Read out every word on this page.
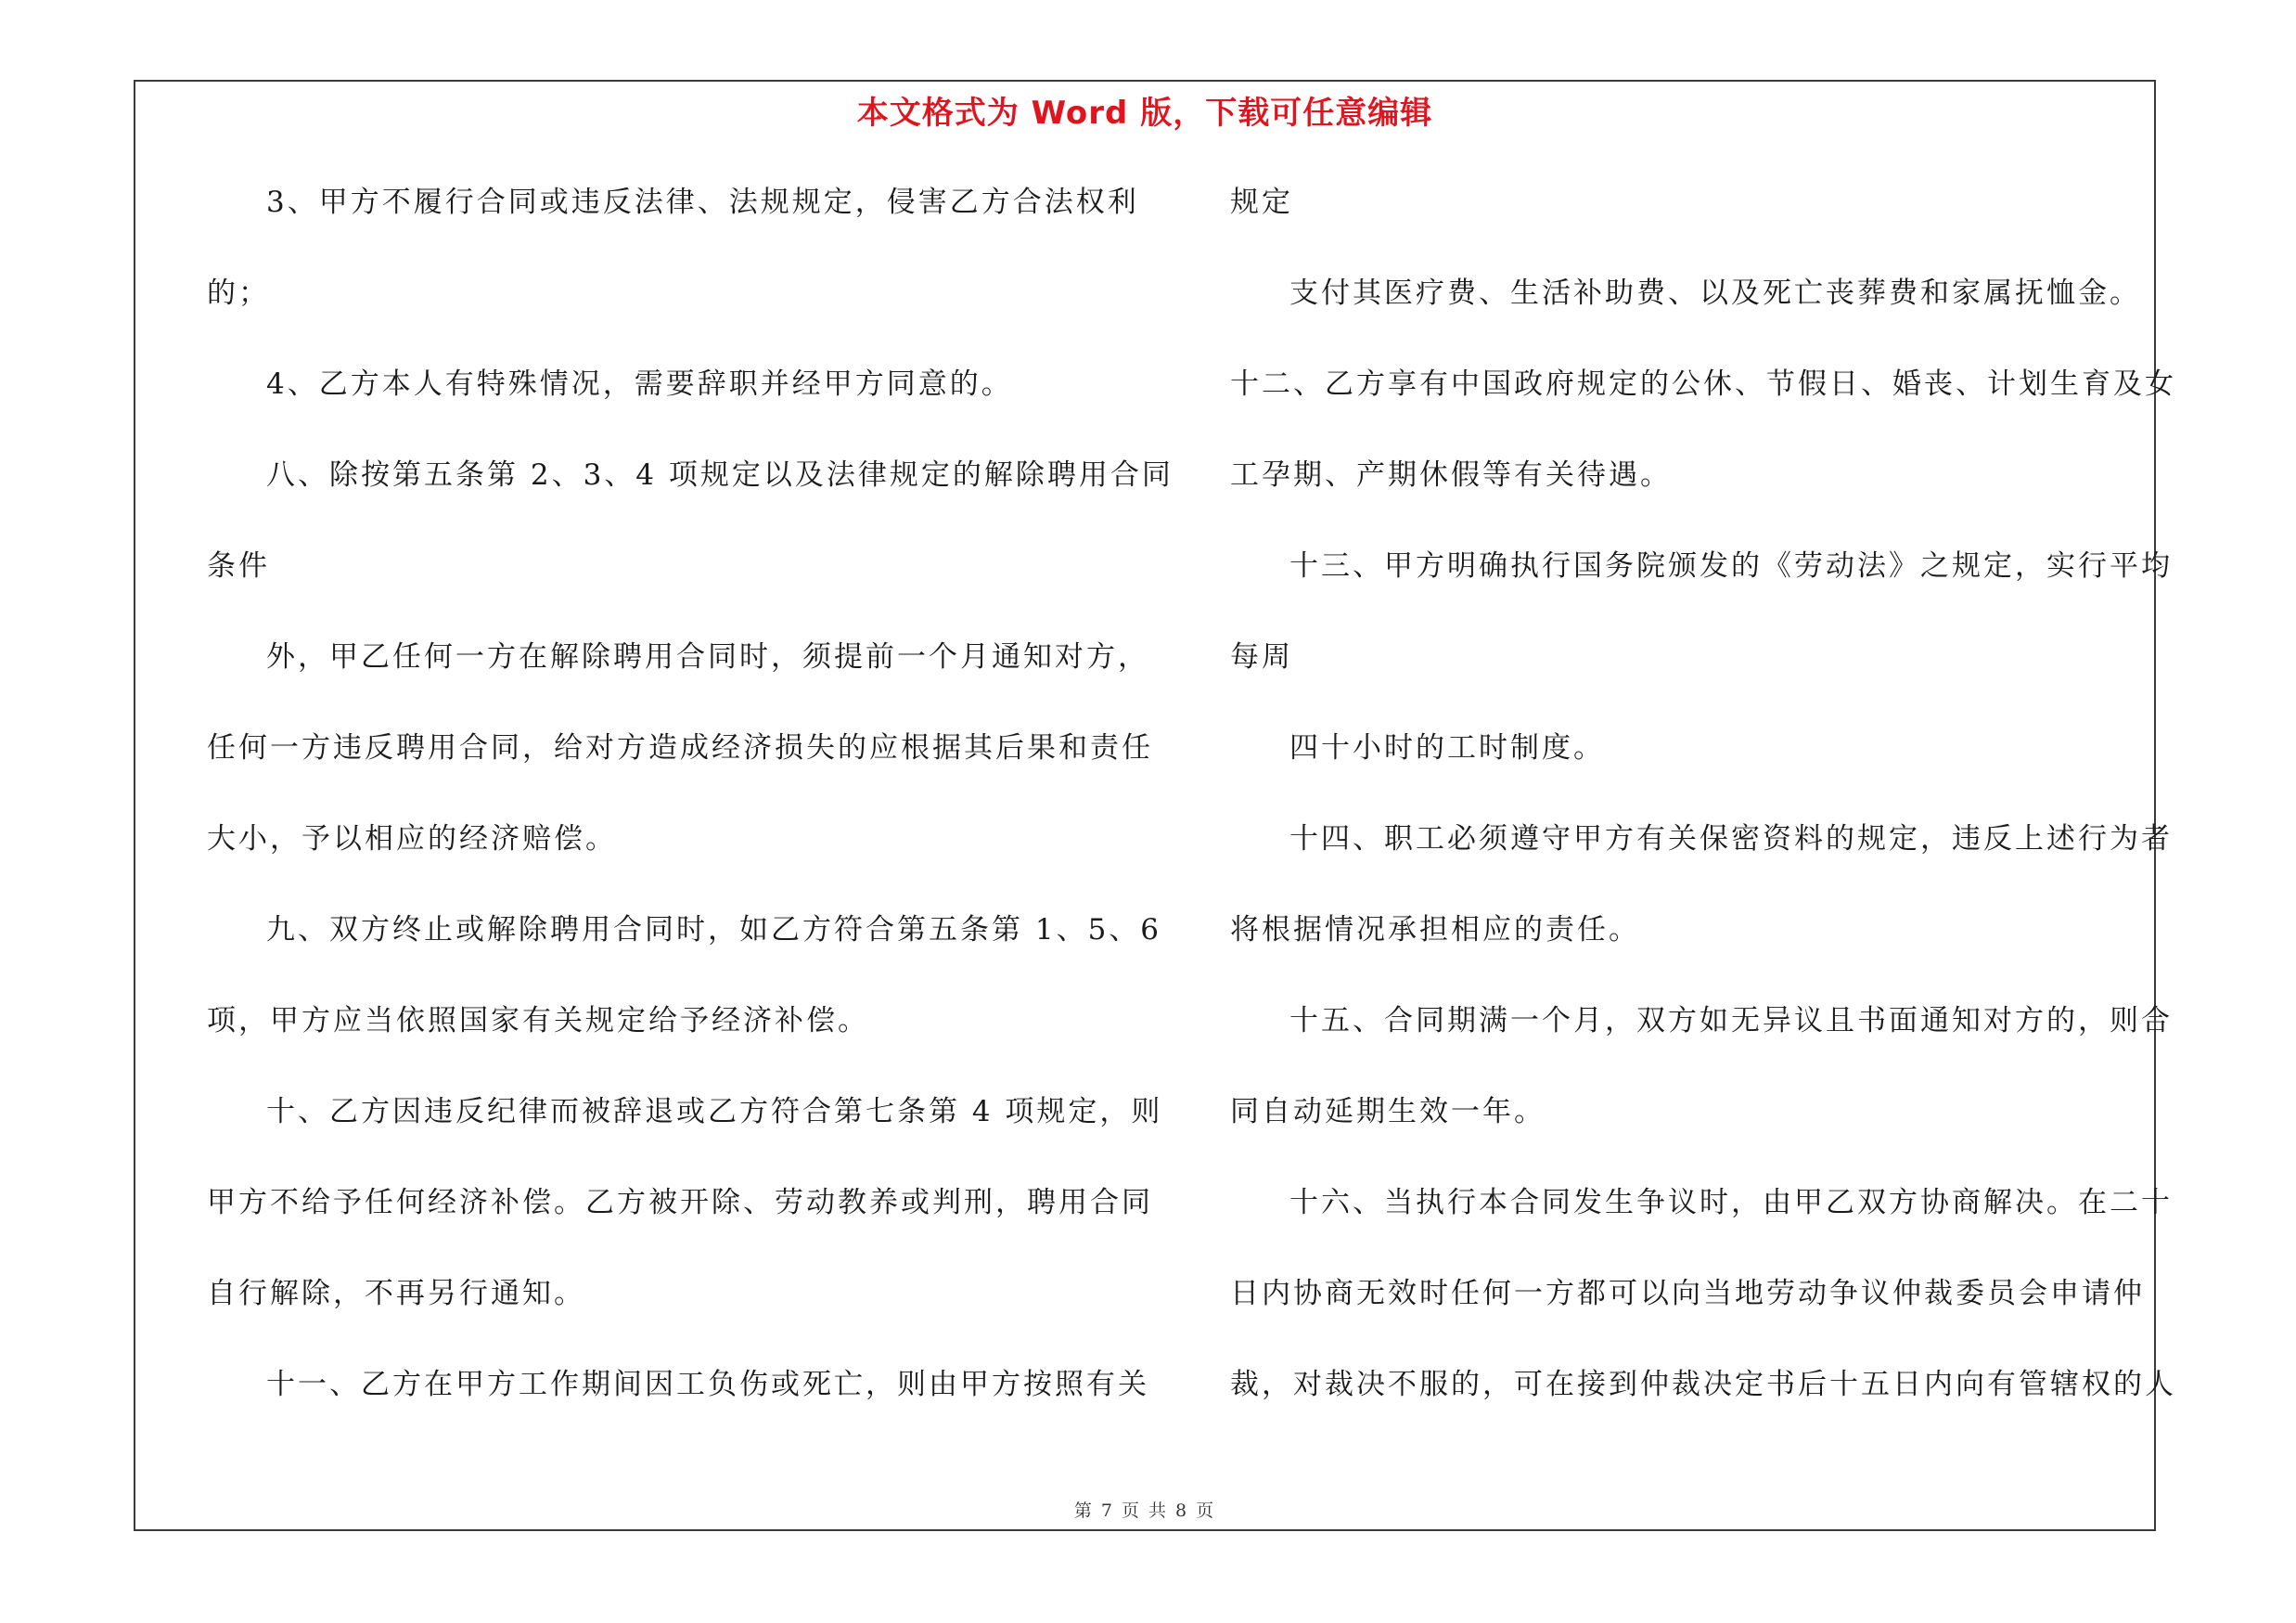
本文格式为 Word 版，下载可任意编辑
3、甲方不履行合同或违反法律、法规规定，侵害乙方合法权利
的；
4、乙方本人有特殊情况，需要辞职并经甲方同意的。
八、除按第五条第 2、3、4 项规定以及法律规定的解除聘用合同
条件
外，甲乙任何一方在解除聘用合同时，须提前一个月通知对方，
任何一方违反聘用合同，给对方造成经济损失的应根据其后果和责任
大小，予以相应的经济赔偿。
九、双方终止或解除聘用合同时，如乙方符合第五条第 1、5、6
项，甲方应当依照国家有关规定给予经济补偿。
十、乙方因违反纪律而被辞退或乙方符合第七条第 4 项规定，则
甲方不给予任何经济补偿。乙方被开除、劳动教养或判刑，聘用合同
自行解除，不再另行通知。
十一、乙方在甲方工作期间因工负伤或死亡，则由甲方按照有关
规定
支付其医疗费、生活补助费、以及死亡丧葬费和家属抚恤金。
十二、乙方享有中国政府规定的公休、节假日、婚丧、计划生育及女
工孕期、产期休假等有关待遇。
十三、甲方明确执行国务院颁发的《劳动法》之规定，实行平均
每周
四十小时的工时制度。
十四、职工必须遵守甲方有关保密资料的规定，违反上述行为者
将根据情况承担相应的责任。
十五、合同期满一个月，双方如无异议且书面通知对方的，则合
同自动延期生效一年。
十六、当执行本合同发生争议时，由甲乙双方协商解决。在二十
日内协商无效时任何一方都可以向当地劳动争议仲裁委员会申请仲
裁，对裁决不服的，可在接到仲裁决定书后十五日内向有管辖权的人
第 7 页 共 8 页
